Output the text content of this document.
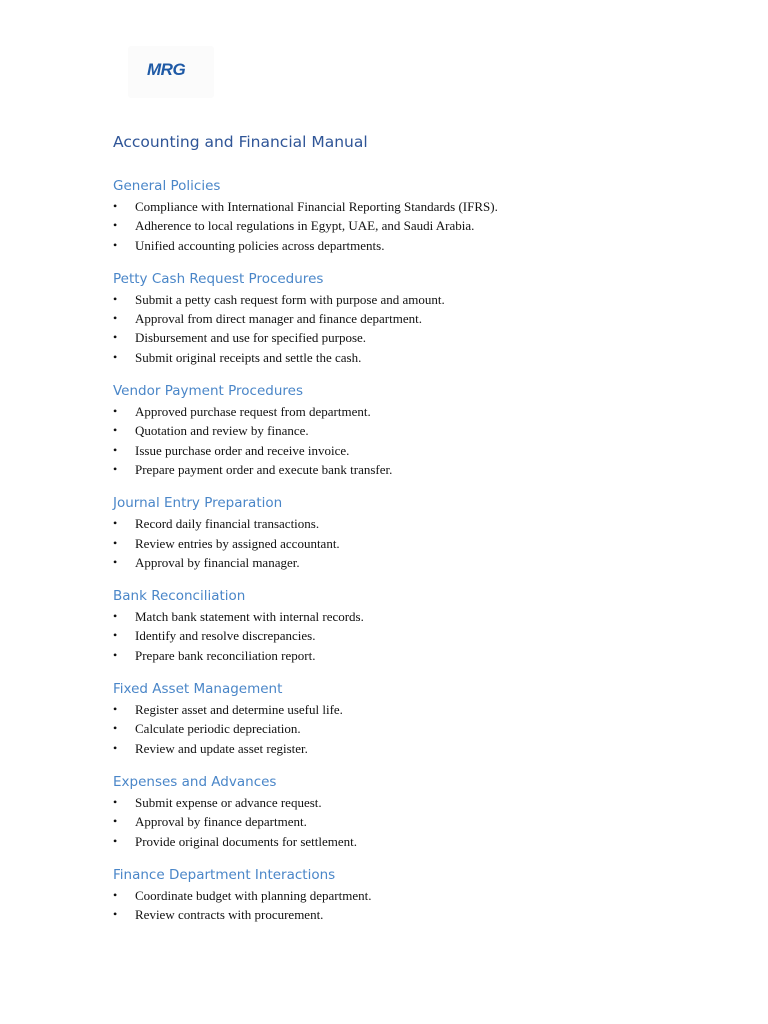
MRG
Accounting and Financial Manual
General Policies
• Compliance with International Financial Reporting Standards (IFRS).
• Adherence to local regulations in Egypt, UAE, and Saudi Arabia.
• Unified accounting policies across departments.
Petty Cash Request Procedures
• Submit a petty cash request form with purpose and amount.
• Approval from direct manager and finance department.
• Disbursement and use for specified purpose.
• Submit original receipts and settle the cash.
Vendor Payment Procedures
• Approved purchase request from department.
• Quotation and review by finance.
• Issue purchase order and receive invoice.
• Prepare payment order and execute bank transfer.
Journal Entry Preparation
• Record daily financial transactions.
• Review entries by assigned accountant.
• Approval by financial manager.
Bank Reconciliation
• Match bank statement with internal records.
• Identify and resolve discrepancies.
• Prepare bank reconciliation report.
Fixed Asset Management
• Register asset and determine useful life.
• Calculate periodic depreciation.
• Review and update asset register.
Expenses and Advances
• Submit expense or advance request.
• Approval by finance department.
• Provide original documents for settlement.
Finance Department Interactions
• Coordinate budget with planning department.
• Review contracts with procurement.
